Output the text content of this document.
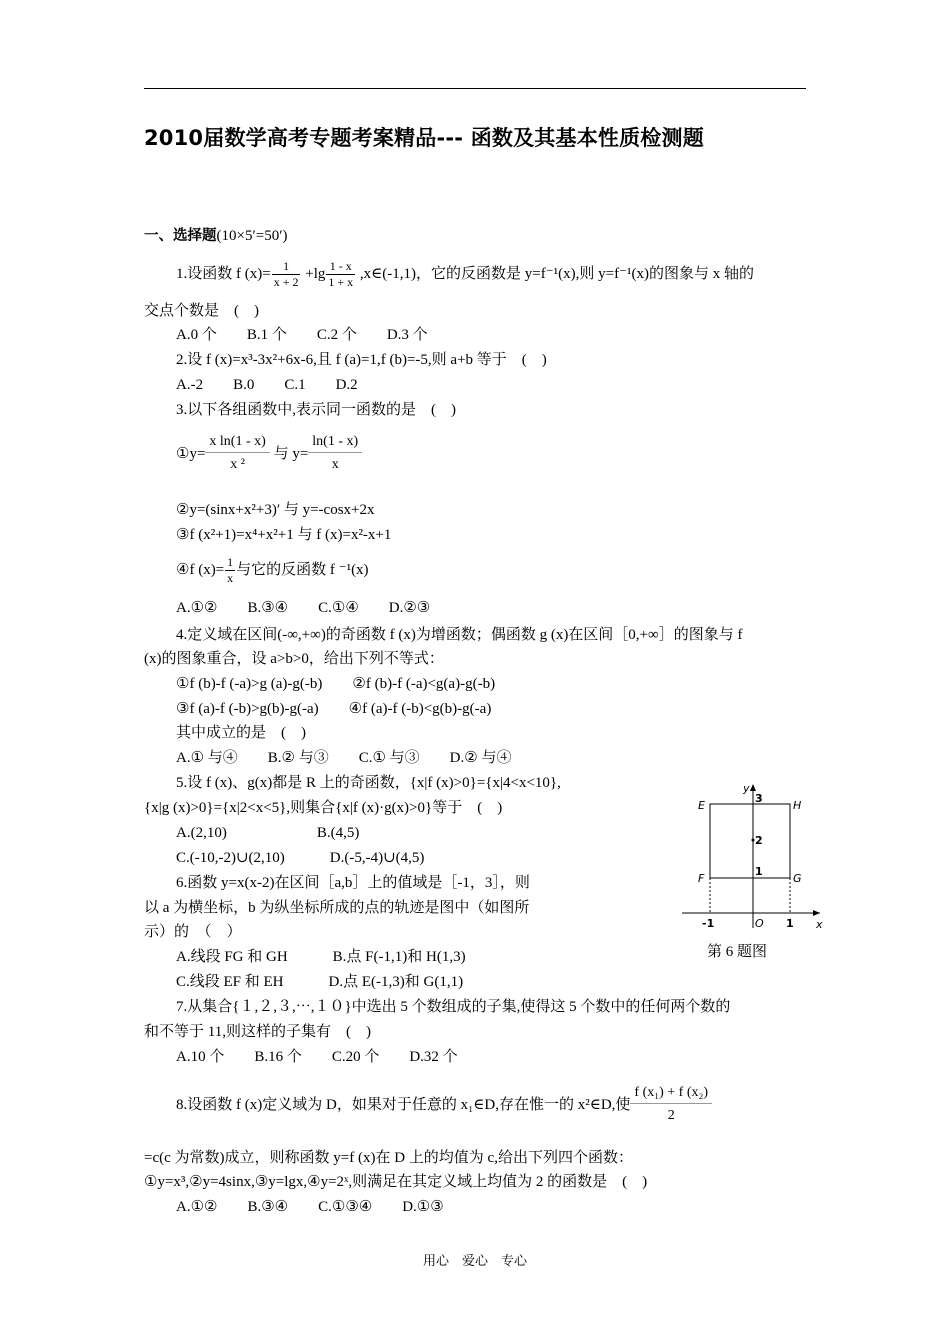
2010届数学高考专题考案精品--- 函数及其基本性质检测题
一、选择题(10×5′=50′)
1.设函数 f $(x)= \frac{1}{x + 2} +\lg \frac{1 - x}{1 + x}$ ,x∈(-1,1)，它的反函数是 y=f⁻¹(x),则 y=f⁻¹(x)的图象与 x 轴的
交点个数是　(　)
A.0 个　　B.1 个　　C.2 个　　D.3 个
2.设 f (x)=x³-3x²+6x-6,且 f (a)=1,f (b)=-5,则 a+b 等于　(　)
A.-2　　B.0　　C.1　　D.2
3.以下各组函数中,表示同一函数的是　(　)
①y= $\frac{\text{x ln(1 - x)}}{\text{x ²}}$ 与 $y= \frac{\ln(1 - x)}{x}$
②y=(sinx+x²+3)′ 与 y=-cosx+2x
③f (x²+1)=x⁴+x²+1 与 f (x)=x²-x+1
④f $(x)= \frac{1}{x}$ 与它的反函数 f ⁻¹(x)
A.①②　　B.③④　　C.①④　　D.②③
4.定义域在区间(-∞,+∞)的奇函数 f (x)为增函数；偶函数 g (x)在区间［0,+∞］的图象与 f
(x)的图象重合，设 a>b>0，给出下列不等式：
①f (b)-f (-a)>g (a)-g(-b)　　②f (b)-f (-a)<g(a)-g(-b)
③f (a)-f (-b)>g(b)-g(-a)　　④f (a)-f (-b)<g(b)-g(-a)
其中成立的是　(　)
A.① 与④　　B.② 与③　　C.① 与③　　D.② 与④
5.设 f (x)、g(x)都是 R 上的奇函数，{x|f (x)>0}={x|4<x<10},
{x|g (x)>0}={x|2<x<5},则集合{x|f (x)·g(x)>0}等于　(　)
A.(2,10)　　　　　　B.(4,5)
C.(-10,-2)∪(2,10)　　　D.(-5,-4)∪(4,5)
6.函数 y=x(x-2)在区间［a,b］上的值域是［-1，3］，则
以 a 为横坐标，b 为纵坐标所成的点的轨迹是图中（如图所
示）的　（　）
A.线段 FG 和 GH　　　B.点 F(-1,1)和 H(1,3)
C.线段 EF 和 EH　　　D.点 E(-1,3)和 G(1,1)
y
x
E	H
F	G
O
3
2
1
-1	1
第 6 题图
7.从集合{１,２,３,⋯,１０}中选出 5 个数组成的子集,使得这 5 个数中的任何两个数的
和不等于 11,则这样的子集有　(　)
A.10 个　　B.16 个　　C.20 个　　D.32 个
8.设函数 f (x)定义域为 D，如果对于任意的 x₁∈D,存在惟一的 x²∈D,使 $\frac{\text{f (x₁) + f (x₂)}}{2}$
=c(c 为常数)成立，则称函数 y=f (x)在 D 上的均值为 c,给出下列四个函数：
①y=x³,②y=4sinx,③y=lgx,④y=2ˣ,则满足在其定义域上均值为 2 的函数是　(　)
A.①②　　B.③④　　C.①③④　　D.①③
用心　爱心　专心
